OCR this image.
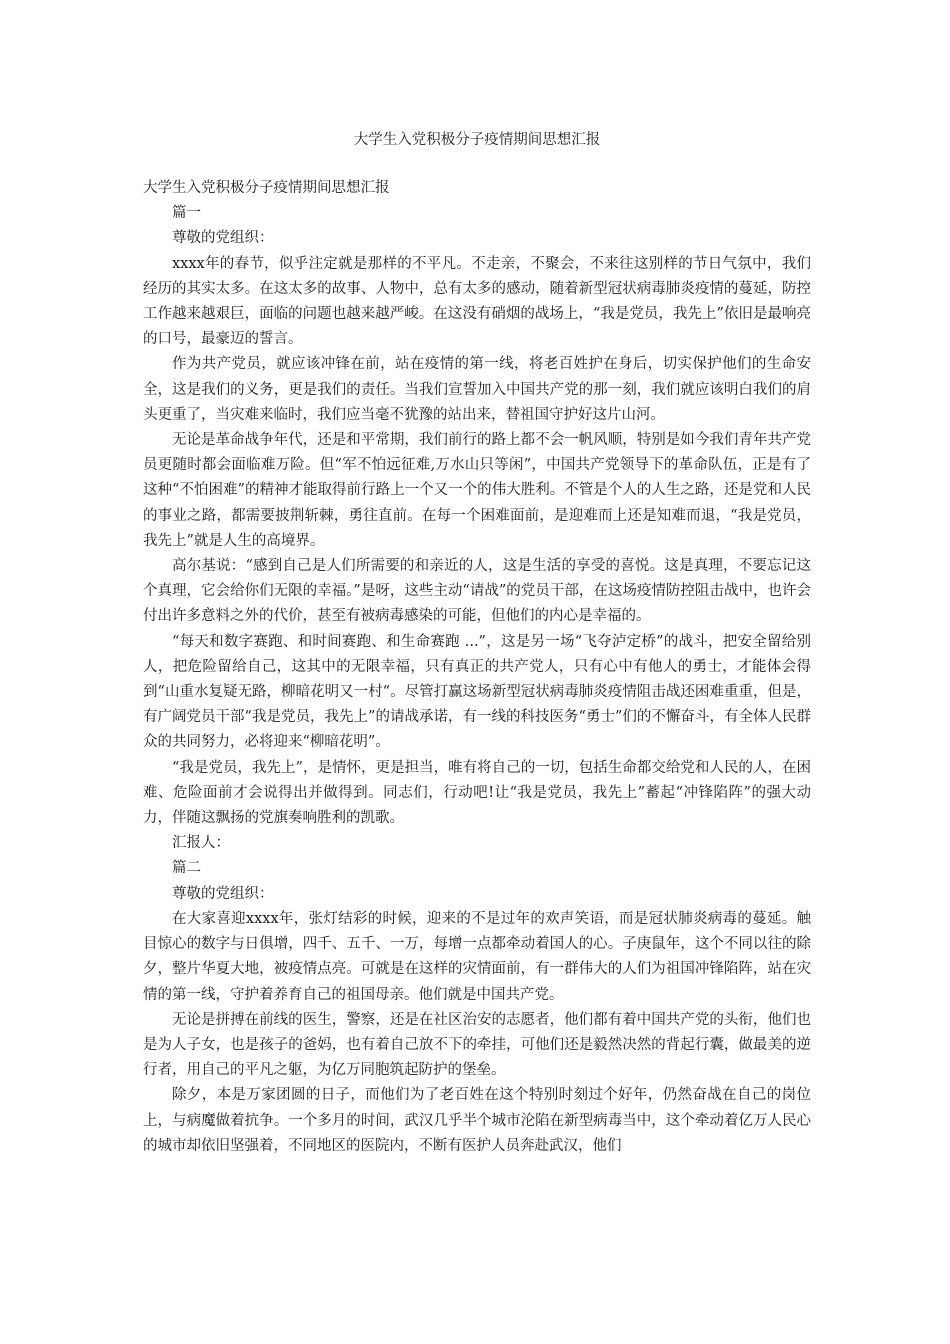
大学生入党积极分子疫情期间思想汇报

大学生入党积极分子疫情期间思想汇报

篇一

尊敬的党组织：

xxxx年的春节，似乎注定就是那样的不平凡。不走亲，不聚会，不来往这别样的节日气氛中，我们经历的其实太多。在这太多的故事、人物中，总有太多的感动，随着新型冠状病毒肺炎疫情的蔓延，防控工作越来越艰巨，面临的问题也越来越严峻。在这没有硝烟的战场上，“我是党员，我先上”依旧是最响亮的口号，最豪迈的誓言。

作为共产党员，就应该冲锋在前，站在疫情的第一线，将老百姓护在身后，切实保护他们的生命安全，这是我们的义务，更是我们的责任。当我们宣誓加入中国共产党的那一刻，我们就应该明白我们的肩头更重了，当灾难来临时，我们应当毫不犹豫的站出来，替祖国守护好这片山河。

无论是革命战争年代，还是和平常期，我们前行的路上都不会一帆风顺，特别是如今我们青年共产党员更随时都会面临难万险。但“军不怕远征难,万水山只等闲”，中国共产党领导下的革命队伍，正是有了这种“不怕困难”的精神才能取得前行路上一个又一个的伟大胜利。不管是个人的人生之路，还是党和人民的事业之路，都需要披荆斩棘，勇往直前。在每一个困难面前，是迎难而上还是知难而退，“我是党员，我先上”就是人生的高境界。

高尔基说：“感到自己是人们所需要的和亲近的人，这是生活的享受的喜悦。这是真理，不要忘记这个真理，它会给你们无限的幸福。”是呀，这些主动“请战”的党员干部，在这场疫情防控阻击战中，也许会付出许多意料之外的代价，甚至有被病毒感染的可能，但他们的内心是幸福的。

“每天和数字赛跑、和时间赛跑、和生命赛跑 ...”，这是另一场“飞夺泸定桥”的战斗，把安全留给别人，把危险留给自己，这其中的无限幸福，只有真正的共产党人，只有心中有他人的勇士，才能体会得到“山重水复疑无路，柳暗花明又一村“。尽管打赢这场新型冠状病毒肺炎疫情阻击战还困难重重，但是，有广阔党员干部“我是党员，我先上”的请战承诺，有一线的科技医务“勇士”们的不懈奋斗，有全体人民群众的共同努力，必将迎来“柳暗花明”。

“我是党员，我先上”，是情怀，更是担当，唯有将自己的一切，包括生命都交给党和人民的人，在困难、危险面前才会说得出并做得到。同志们，行动吧!让“我是党员，我先上”蓄起“冲锋陷阵”的强大动力，伴随这飘扬的党旗奏响胜利的凯歌。

汇报人：

篇二

尊敬的党组织：

在大家喜迎xxxx年，张灯结彩的时候，迎来的不是过年的欢声笑语，而是冠状肺炎病毒的蔓延。触目惊心的数字与日俱增，四千、五千、一万，每增一点都牵动着国人的心。子庚鼠年，这个不同以往的除夕，整片华夏大地，被疫情点亮。可就是在这样的灾情面前，有一群伟大的人们为祖国冲锋陷阵，站在灾情的第一线，守护着养育自己的祖国母亲。他们就是中国共产党。

无论是拼搏在前线的医生，警察，还是在社区治安的志愿者，他们都有着中国共产党的头衔，他们也是为人子女，也是孩子的爸妈，也有着自己放不下的牵挂，可他们还是毅然决然的背起行囊，做最美的逆行者，用自己的平凡之躯，为亿万同胞筑起防护的堡垒。

除夕，本是万家团圆的日子，而他们为了老百姓在这个特别时刻过个好年，仍然奋战在自己的岗位上，与病魔做着抗争。一个多月的时间，武汉几乎半个城市沦陷在新型病毒当中，这个牵动着亿万人民心的城市却依旧坚强着，不同地区的医院内，不断有医护人员奔赴武汉，他们
